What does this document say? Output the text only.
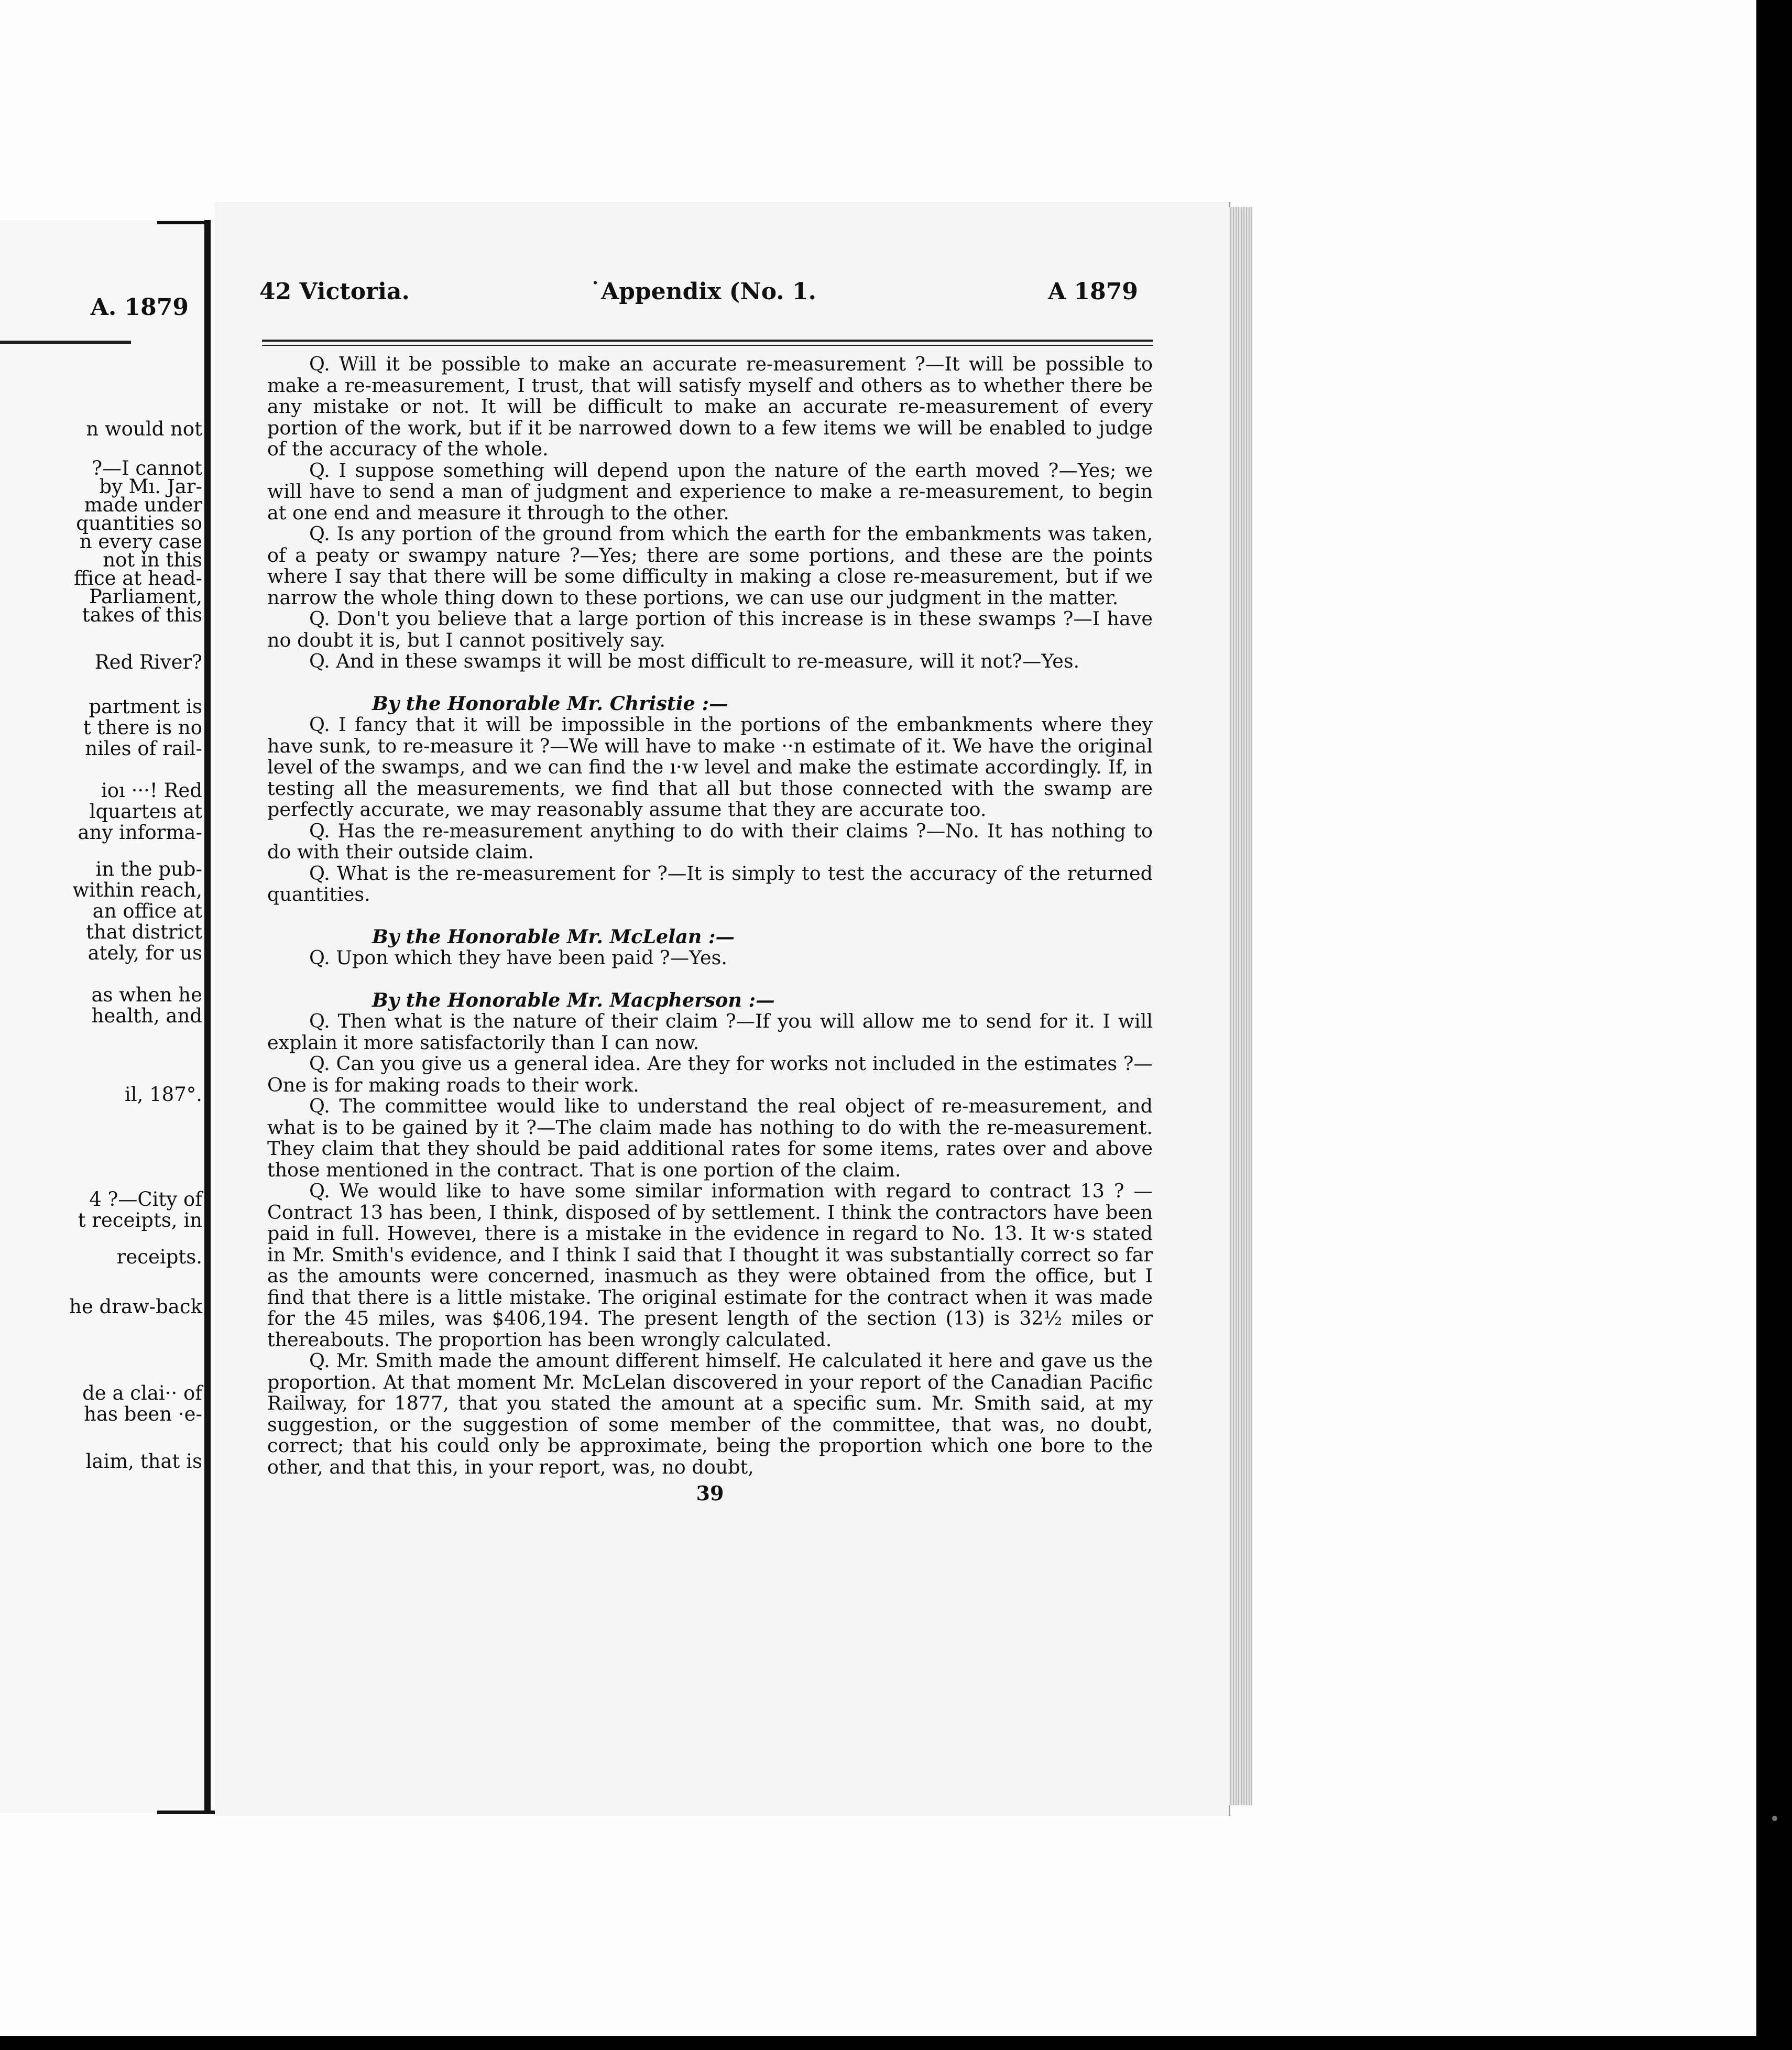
A. 1879
n would not
?—I cannot
by Mı. Jar-
made under
quantities so
n every case
not in this
ffice at head-
Parliament,
takes of this
Red River?
partment is
t there is no
niles of rail-
ioı ···! Red
lquarteıs at
any informa-
in the pub-
within reach,
an office at
that district
ately, for us
as when he
health, and
il, 187°.
4 ?—City of
t receipts, in
receipts.
he draw-back
de a clai·· of
has been ·e-
laim, that is
42 Victoria.	˙Appendix (No. 1.	A 1879

Q. Will it be possible to make an accurate re-measurement ?—It will be possible to make a re-measurement, I trust, that will satisfy myself and others as to whether there be any mistake or not. It will be difficult to make an accurate re-measurement of every portion of the work, but if it be narrowed down to a few items we will be enabled to judge of the accuracy of the whole.

Q. I suppose something will depend upon the nature of the earth moved ?—Yes; we will have to send a man of judgment and experience to make a re-measurement, to begin at one end and measure it through to the other.

Q. Is any portion of the ground from which the earth for the embankments was taken, of a peaty or swampy nature ?—Yes; there are some portions, and these are the points where I say that there will be some difficulty in making a close re-measurement, but if we narrow the whole thing down to these portions, we can use our judgment in the matter.

Q. Don't you believe that a large portion of this increase is in these swamps ?—I have no doubt it is, but I cannot positively say.

Q. And in these swamps it will be most difficult to re-measure, will it not?—Yes.

By the Honorable Mr. Christie :—

Q. I fancy that it will be impossible in the portions of the embankments where they have sunk, to re-measure it ?—We will have to make ··n estimate of it. We have the original level of the swamps, and we can find the ı·w level and make the estimate accordingly. If, in testing all the measurements, we find that all but those connected with the swamp are perfectly accurate, we may reasonably assume that they are accurate too.

Q. Has the re-measurement anything to do with their claims ?—No. It has nothing to do with their outside claim.

Q. What is the re-measurement for ?—It is simply to test the accuracy of the returned quantities.

By the Honorable Mr. McLelan :—

Q. Upon which they have been paid ?—Yes.

By the Honorable Mr. Macpherson :—

Q. Then what is the nature of their claim ?—If you will allow me to send for it. I will explain it more satisfactorily than I can now.

Q. Can you give us a general idea. Are they for works not included in the estimates ?—One is for making roads to their work.

Q. The committee would like to understand the real object of re-measurement, and what is to be gained by it ?—The claim made has nothing to do with the re-measurement. They claim that they should be paid additional rates for some items, rates over and above those mentioned in the contract. That is one portion of the claim.

Q. We would like to have some similar information with regard to contract 13 ? —Contract 13 has been, I think, disposed of by settlement. I think the contractors have been paid in full. Howeveı, there is a mistake in the evidence in regard to No. 13. It w·s stated in Mr. Smith's evidence, and I think I said that I thought it was substantially correct so far as the amounts were concerned, inasmuch as they were obtained from the office, but I find that there is a little mistake. The original estimate for the contract when it was made for the 45 miles, was $406,194. The present length of the section (13) is 32½ miles or thereabouts. The proportion has been wrongly calculated.

Q. Mr. Smith made the amount different himself. He calculated it here and gave us the proportion. At that moment Mr. McLelan discovered in your report of the Canadian Pacific Railway, for 1877, that you stated the amount at a specific sum. Mr. Smith said, at my suggestion, or the suggestion of some member of the committee, that was, no doubt, correct; that his could only be approximate, being the proportion which one bore to the other, and that this, in your report, was, no doubt,

39
